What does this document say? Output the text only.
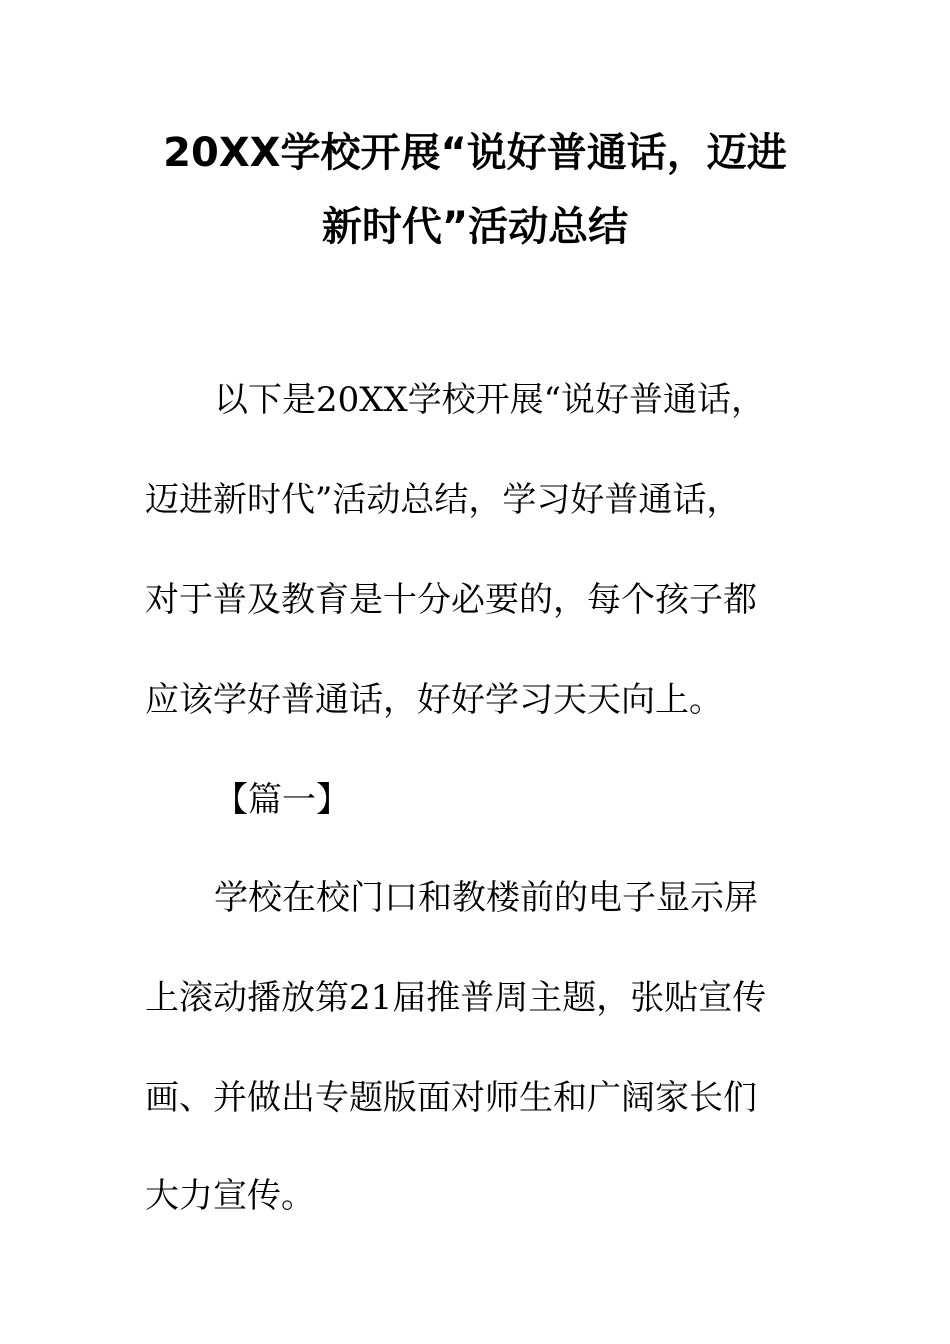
20XX学校开展“说好普通话，迈进
新时代”活动总结
以下是20XX学校开展“说好普通话，
迈进新时代”活动总结，学习好普通话，
对于普及教育是十分必要的，每个孩子都
应该学好普通话，好好学习天天向上。
【篇一】
学校在校门口和教楼前的电子显示屏
上滚动播放第21届推普周主题，张贴宣传
画、并做出专题版面对师生和广阔家长们
大力宣传。
